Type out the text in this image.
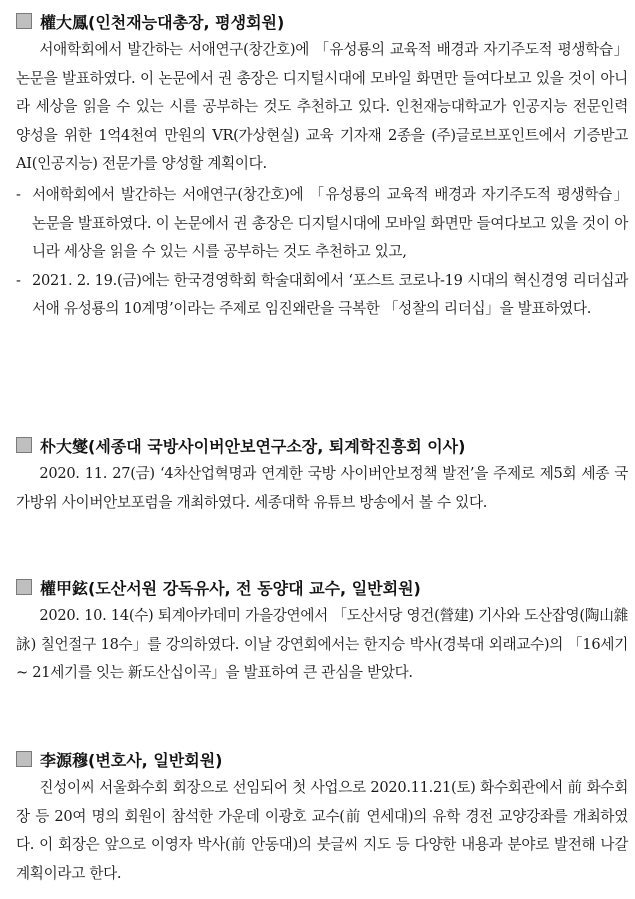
權大鳳(인천재능대총장, 평생회원)

서애학회에서 발간하는 서애연구(창간호)에 「유성룡의 교육적 배경과 자기주도적 평생학습」 논문을 발표하였다. 이 논문에서 권 총장은 디지털시대에 모바일 화면만 들여다보고 있을 것이 아니라 세상을 읽을 수 있는 시를 공부하는 것도 추천하고 있다. 인천재능대학교가 인공지능 전문인력 양성을 위한 1억4천여 만원의 VR(가상현실) 교육 기자재 2종을 (주)글로브포인트에서 기증받고 AI(인공지능) 전문가를 양성할 계획이다.

- 서애학회에서 발간하는 서애연구(창간호)에 「유성룡의 교육적 배경과 자기주도적 평생학습」 논문을 발표하였다. 이 논문에서 권 총장은 디지털시대에 모바일 화면만 들여다보고 있을 것이 아니라 세상을 읽을 수 있는 시를 공부하는 것도 추천하고 있고,
- 2021. 2. 19.(금)에는 한국경영학회 학술대회에서 ‘포스트 코로나-19 시대의 혁신경영 리더십과 서애 유성룡의 10계명’이라는 주제로 임진왜란을 극복한 「성찰의 리더십」을 발표하였다.
朴大燮(세종대 국방사이버안보연구소장, 퇴계학진흥회 이사)

2020. 11. 27(금) ‘4차산업혁명과 연계한 국방 사이버안보정책 발전’을 주제로 제5회 세종 국가방위 사이버안보포럼을 개최하였다. 세종대학 유튜브 방송에서 볼 수 있다.

權甲鉉(도산서원 강독유사, 전 동양대 교수, 일반회원)

2020. 10. 14(수) 퇴계아카데미 가을강연에서 「도산서당 영건(營建) 기사와 도산잡영(陶山雜詠) 칠언절구 18수」를 강의하였다. 이날 강연회에서는 한지승 박사(경북대 외래교수)의 「16세기 ~ 21세기를 잇는 新도산십이곡」을 발표하여 큰 관심을 받았다.

李源穆(변호사, 일반회원)

진성이씨 서울화수회 회장으로 선임되어 첫 사업으로 2020.11.21(토) 화수회관에서 前 화수회장 등 20여 명의 회원이 참석한 가운데 이광호 교수(前 연세대)의 유학 경전 교양강좌를 개최하였다. 이 회장은 앞으로 이영자 박사(前 안동대)의 붓글씨 지도 등 다양한 내용과 분야로 발전해 나갈 계획이라고 한다.
